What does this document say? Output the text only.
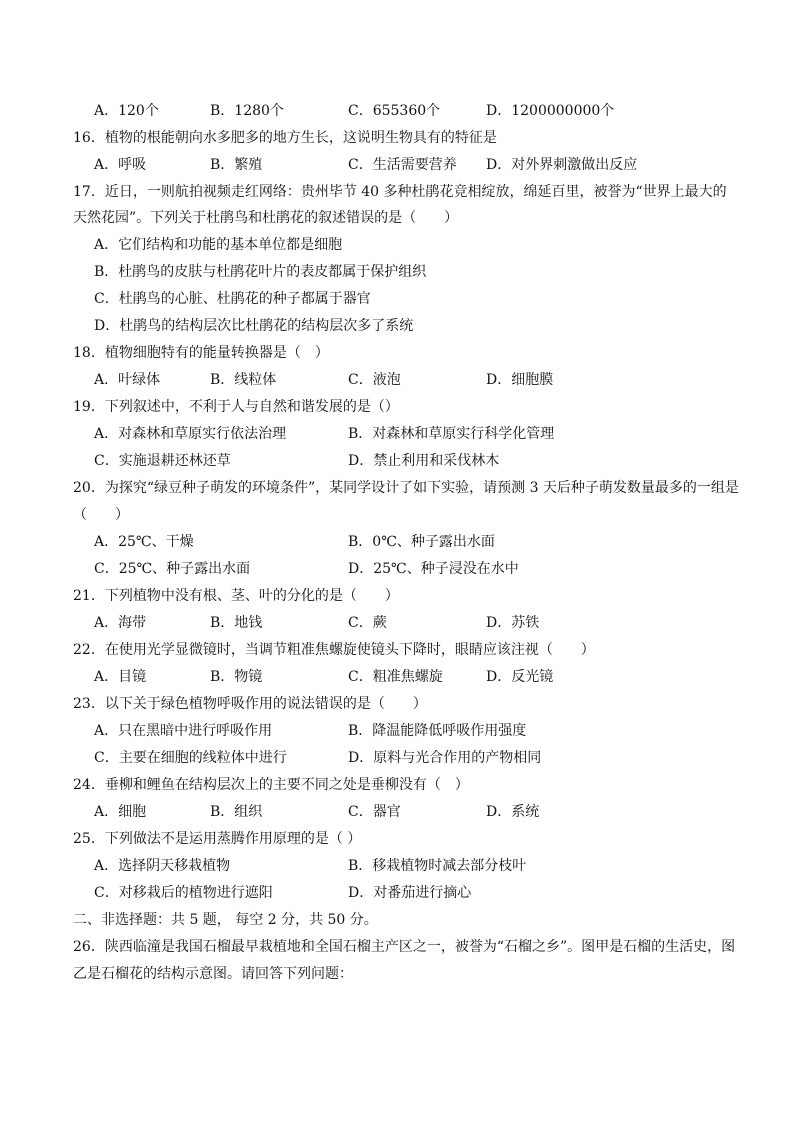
A．120个	B．1280个	C．655360个	D．1200000000个
16．植物的根能朝向水多肥多的地方生长，这说明生物具有的特征是
A．呼吸	B．繁殖	C．生活需要营养 D．对外界刺激做出反应
17．近日，一则航拍视频走红网络：贵州毕节 40 多种杜鹃花竞相绽放，绵延百里，被誉为“世界上最大的
天然花园”。下列关于杜鹃鸟和杜鹃花的叙述错误的是（　　）
A．它们结构和功能的基本单位都是细胞
B．杜鹃鸟的皮肤与杜鹃花叶片的表皮都属于保护组织
C．杜鹃鸟的心脏、杜鹃花的种子都属于器官
D．杜鹃鸟的结构层次比杜鹃花的结构层次多了系统
18．植物细胞特有的能量转换器是（　）
A．叶绿体	B．线粒体	C．液泡	D．细胞膜
19．下列叙述中，不利于人与自然和谐发展的是（）
A．对森林和草原实行依法治理	B．对森林和草原实行科学化管理
C．实施退耕还林还草	D．禁止利用和采伐林木
20．为探究“绿豆种子萌发的环境条件”，某同学设计了如下实验，请预测 3 天后种子萌发数量最多的一组是
（　　）
A．25℃、干燥	B．0℃、种子露出水面
C．25℃、种子露出水面	D．25℃、种子浸没在水中
21．下列植物中没有根、茎、叶的分化的是（　　）
A．海带	B．地钱	C．蕨	D．苏铁
22．在使用光学显微镜时，当调节粗准焦螺旋使镜头下降时，眼睛应该注视（　　）
A．目镜	B．物镜	C．粗准焦螺旋	D．反光镜
23．以下关于绿色植物呼吸作用的说法错误的是（　　）
A．只在黑暗中进行呼吸作用	B．降温能降低呼吸作用强度
C．主要在细胞的线粒体中进行	D．原料与光合作用的产物相同
24．垂柳和鲤鱼在结构层次上的主要不同之处是垂柳没有（　）
A．细胞	B．组织	C．器官	D．系统
25．下列做法不是运用蒸腾作用原理的是（ ）
A．选择阴天移栽植物	B．移栽植物时减去部分枝叶
C．对移栽后的植物进行遮阳	D．对番茄进行摘心
二、非选择题：共 5 题， 每空 2 分，共 50 分。
26．陕西临潼是我国石榴最早栽植地和全国石榴主产区之一，被誉为“石榴之乡”。图甲是石榴的生活史，图
乙是石榴花的结构示意图。请回答下列问题：
